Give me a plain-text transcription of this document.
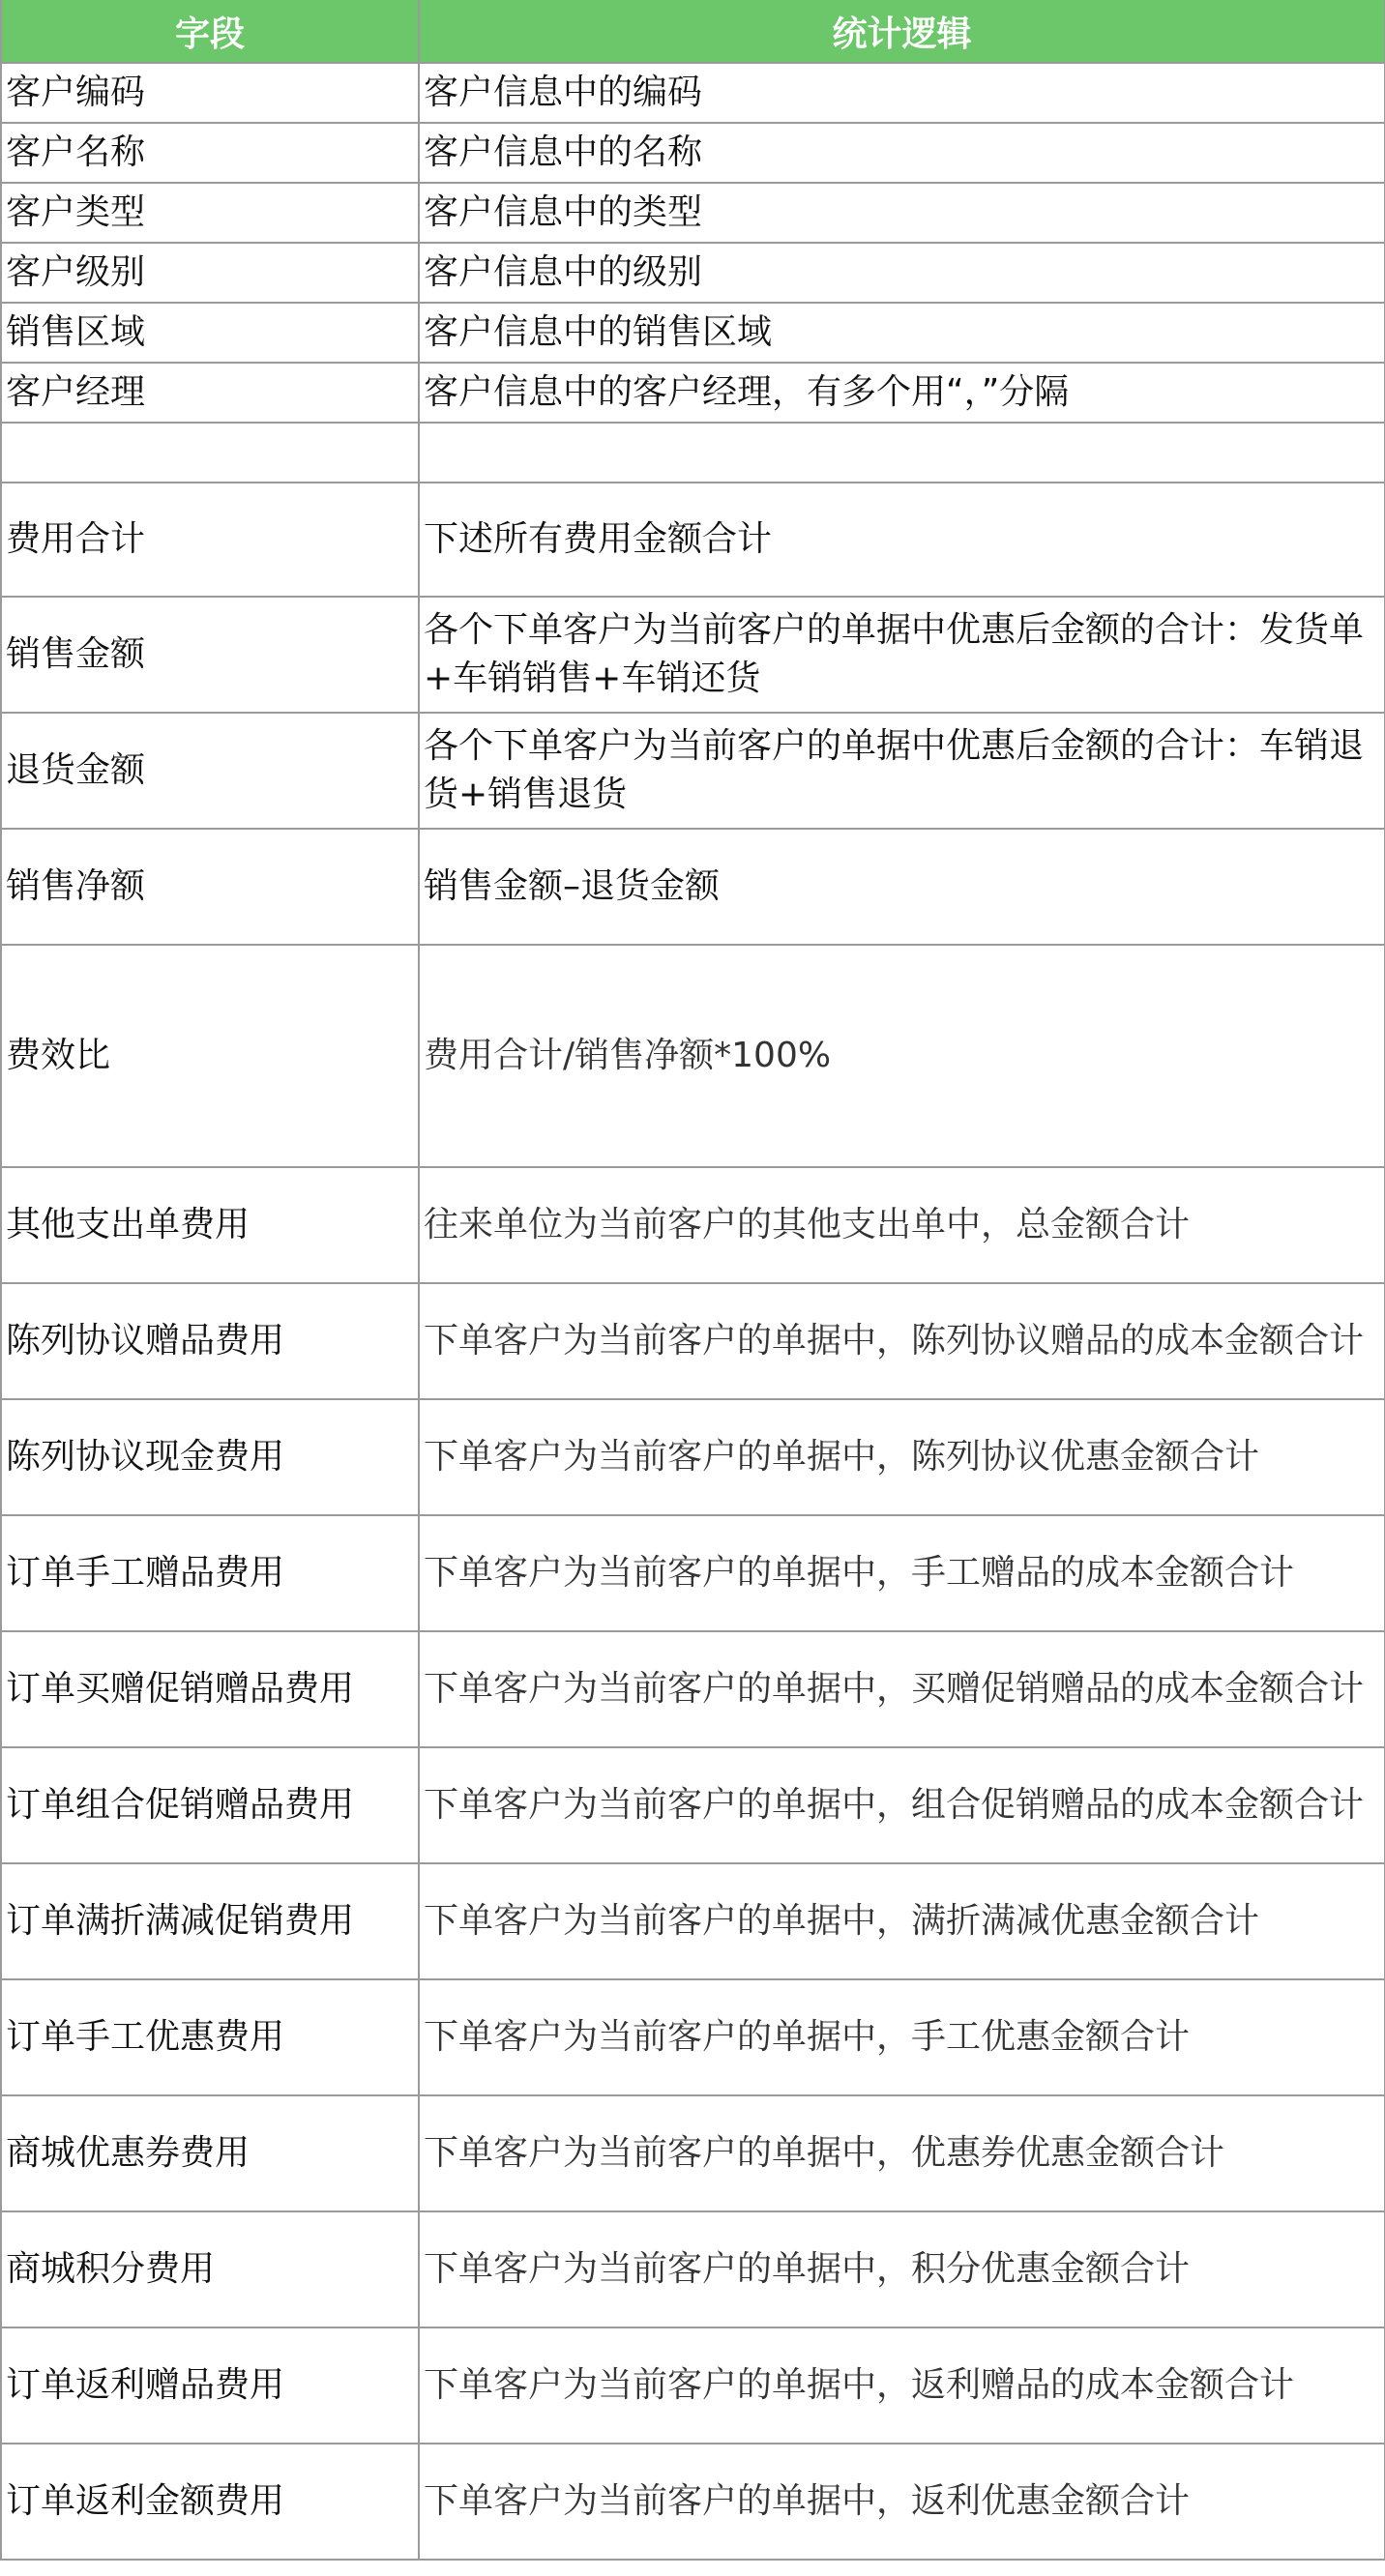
字段	统计逻辑
客户编码	客户信息中的编码
客户名称	客户信息中的名称
客户类型	客户信息中的类型
客户级别	客户信息中的级别
销售区域	客户信息中的销售区域
客户经理	客户信息中的客户经理，有多个用“，”分隔

费用合计	下述所有费用金额合计
销售金额	各个下单客户为当前客户的单据中优惠后金额的合计：发货单+车销销售+车销还货
退货金额	各个下单客户为当前客户的单据中优惠后金额的合计：车销退货+销售退货
销售净额	销售金额–退货金额
费效比	费用合计/销售净额*100%
其他支出单费用	往来单位为当前客户的其他支出单中，总金额合计
陈列协议赠品费用	下单客户为当前客户的单据中，陈列协议赠品的成本金额合计
陈列协议现金费用	下单客户为当前客户的单据中，陈列协议优惠金额合计
订单手工赠品费用	下单客户为当前客户的单据中，手工赠品的成本金额合计
订单买赠促销赠品费用	下单客户为当前客户的单据中，买赠促销赠品的成本金额合计
订单组合促销赠品费用	下单客户为当前客户的单据中，组合促销赠品的成本金额合计
订单满折满减促销费用	下单客户为当前客户的单据中，满折满减优惠金额合计
订单手工优惠费用	下单客户为当前客户的单据中，手工优惠金额合计
商城优惠券费用	下单客户为当前客户的单据中，优惠券优惠金额合计
商城积分费用	下单客户为当前客户的单据中，积分优惠金额合计
订单返利赠品费用	下单客户为当前客户的单据中，返利赠品的成本金额合计
订单返利金额费用	下单客户为当前客户的单据中，返利优惠金额合计
